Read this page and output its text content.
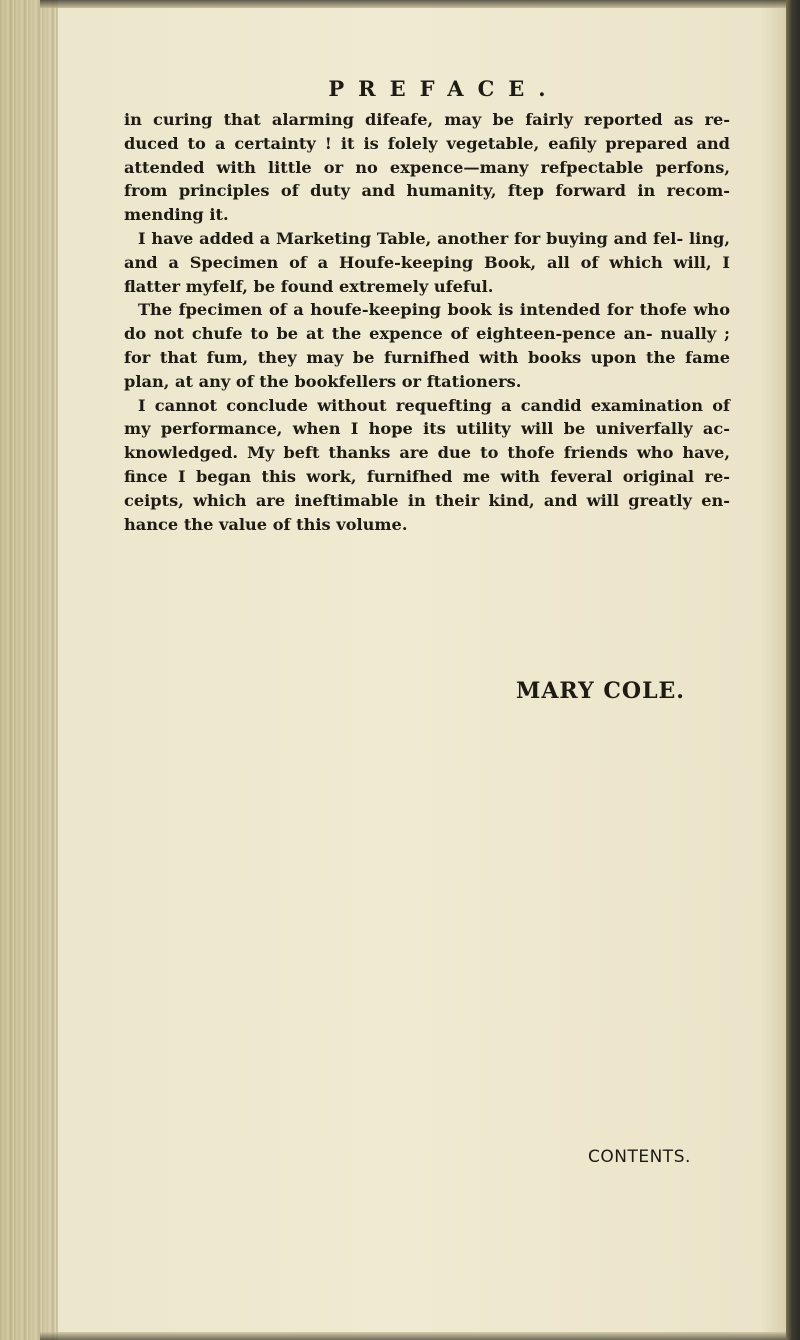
PREFACE.

in curing that alarming difeafe, may be fairly reported as re- duced to a certainty ! it is folely vegetable, eafily prepared and attended with little or no expence—many refpectable perfons, from principles of duty and humanity, ftep forward in recom- mending it.

I have added a Marketing Table, another for buying and fel- ling, and a Specimen of a Houfe-keeping Book, all of which will, I flatter myfelf, be found extremely ufeful.

The fpecimen of a houfe-keeping book is intended for thofe who do not chufe to be at the expence of eighteen-pence an- nually ; for that fum, they may be furnifhed with books upon the fame plan, at any of the bookfellers or ftationers.

I cannot conclude without requefting a candid examination of my performance, when I hope its utility will be univerfally ac- knowledged. My beft thanks are due to thofe friends who have, fince I began this work, furnifhed me with feveral original re- ceipts, which are ineftimable in their kind, and will greatly en- hance the value of this volume.

MARY COLE.
CONTENTS.
